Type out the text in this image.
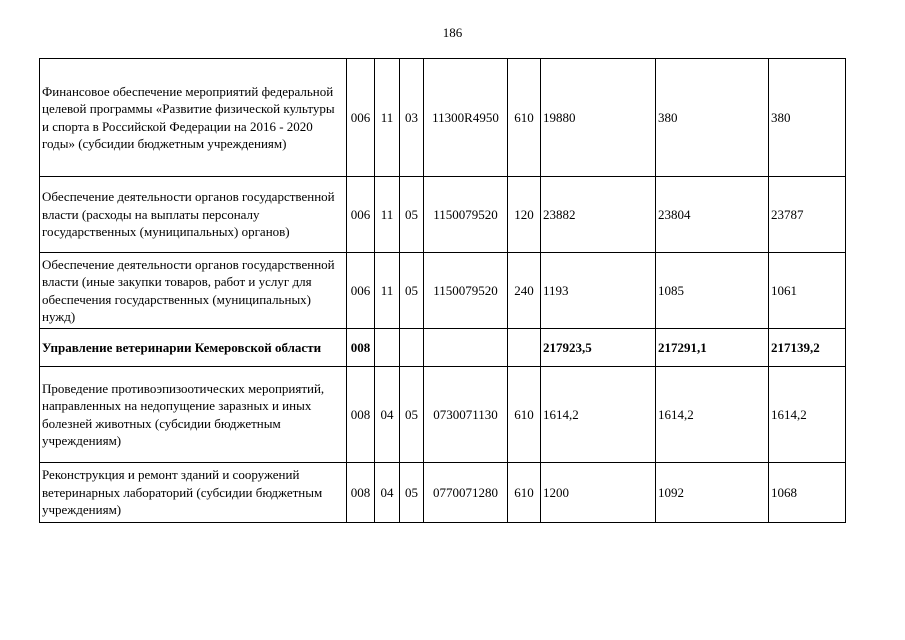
186
Финансовое обеспечение мероприятий федеральной целевой программы «Развитие физической культуры и спорта в Российской Федерации на 2016 - 2020 годы» (субсидии бюджетным учреждениям)	006	11	03	11300R4950	610	19880	380	380
Обеспечение деятельности органов государственной власти (расходы на выплаты персоналу государственных (муниципальных) органов)	006	11	05	1150079520	120	23882	23804	23787
Обеспечение деятельности органов государственной власти (иные закупки товаров, работ и услуг для обеспечения государственных (муниципальных) нужд)	006	11	05	1150079520	240	1193	1085	1061
Управление ветеринарии Кемеровской области	008					217923,5	217291,1	217139,2
Проведение противоэпизоотических мероприятий, направленных на недопущение заразных и иных болезней животных (субсидии бюджетным учреждениям)	008	04	05	0730071130	610	1614,2	1614,2	1614,2
Реконструкция и ремонт зданий и сооружений ветеринарных лабораторий (субсидии бюджетным учреждениям)	008	04	05	0770071280	610	1200	1092	1068
